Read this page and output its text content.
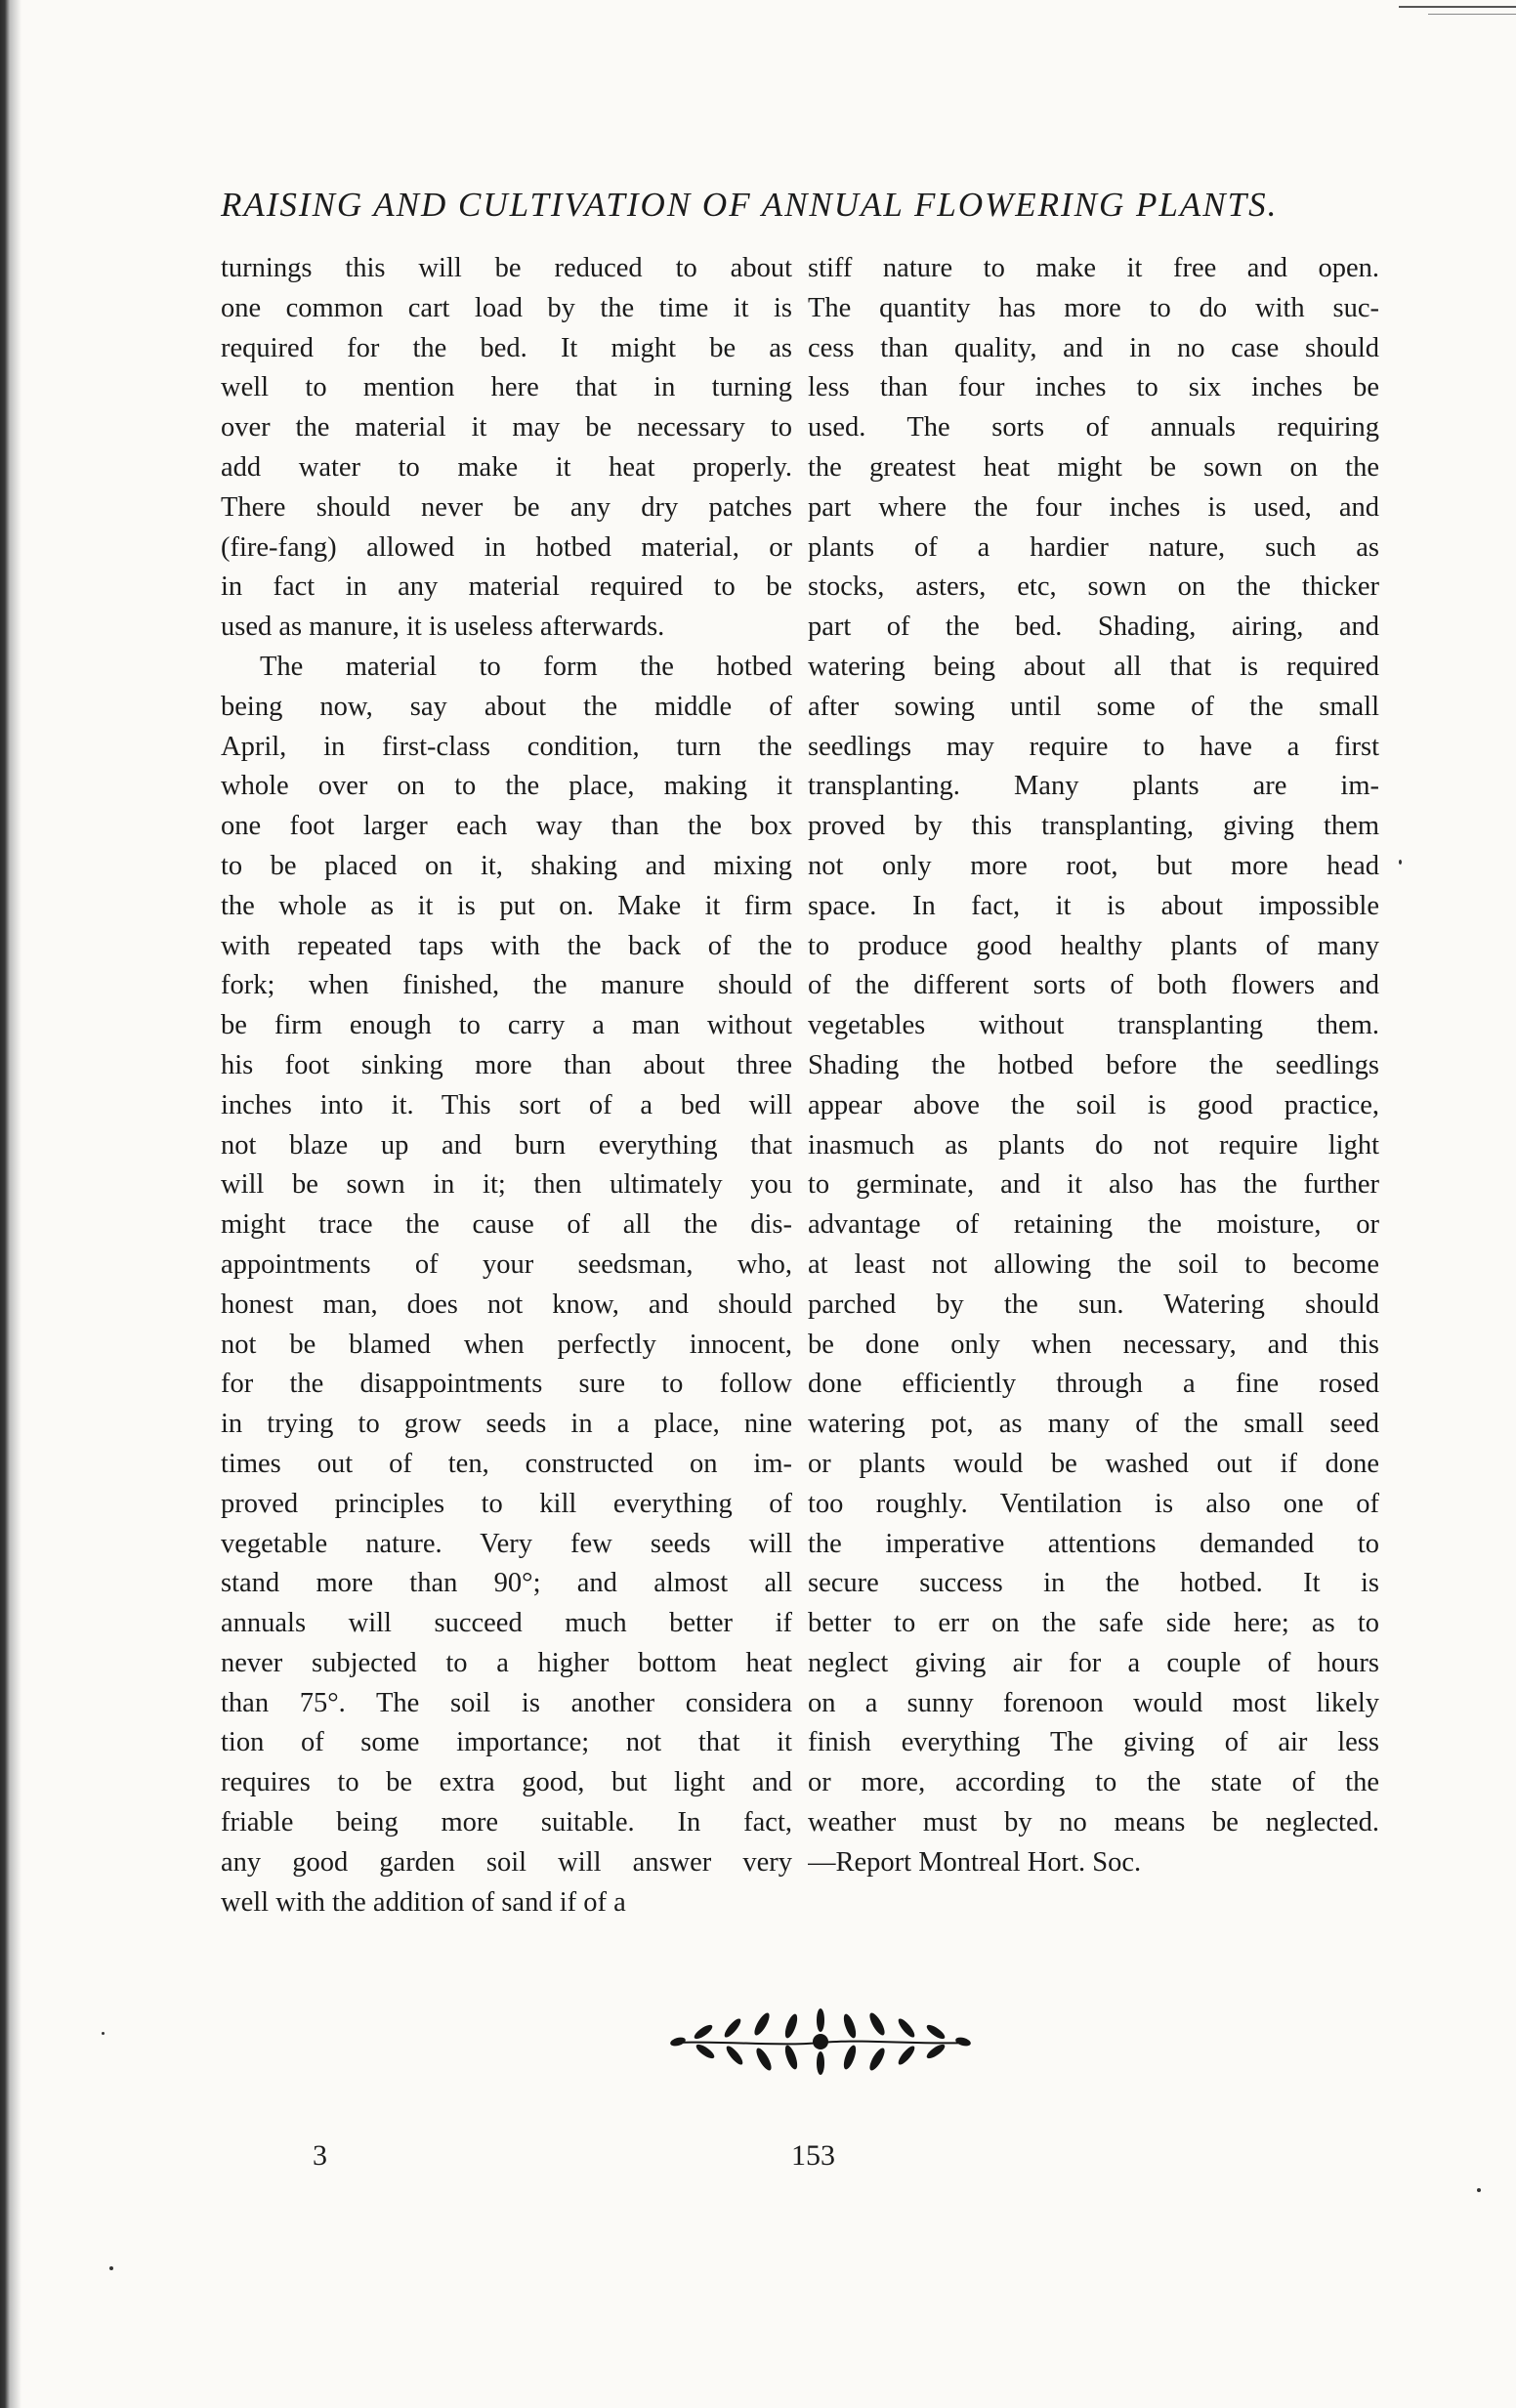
RAISING AND CULTIVATION OF ANNUAL FLOWERING PLANTS.
turnings this will be reduced to about
one common cart load by the time it is
required for the bed. It might be as
well to mention here that in turning
over the material it may be necessary to
add water to make it heat properly.
There should never be any dry patches
(fire-fang) allowed in hotbed material, or
in fact in any material required to be
used as manure, it is useless afterwards.
The material to form the hotbed
being now, say about the middle of
April, in first-class condition, turn the
whole over on to the place, making it
one foot larger each way than the box
to be placed on it, shaking and mixing
the whole as it is put on. Make it firm
with repeated taps with the back of the
fork; when finished, the manure should
be firm enough to carry a man without
his foot sinking more than about three
inches into it. This sort of a bed will
not blaze up and burn everything that
will be sown in it; then ultimately you
might trace the cause of all the dis-
appointments of your seedsman, who,
honest man, does not know, and should
not be blamed when perfectly innocent,
for the disappointments sure to follow
in trying to grow seeds in a place, nine
times out of ten, constructed on im-
proved principles to kill everything of
vegetable nature. Very few seeds will
stand more than 90°; and almost all
annuals will succeed much better if
never subjected to a higher bottom heat
than 75°. The soil is another considera
tion of some importance; not that it
requires to be extra good, but light and
friable being more suitable. In fact,
any good garden soil will answer very
well with the addition of sand if of a
stiff nature to make it free and open.
The quantity has more to do with suc-
cess than quality, and in no case should
less than four inches to six inches be
used. The sorts of annuals requiring
the greatest heat might be sown on the
part where the four inches is used, and
plants of a hardier nature, such as
stocks, asters, etc, sown on the thicker
part of the bed. Shading, airing, and
watering being about all that is required
after sowing until some of the small
seedlings may require to have a first
transplanting. Many plants are im-
proved by this transplanting, giving them
not only more root, but more head
space. In fact, it is about impossible
to produce good healthy plants of many
of the different sorts of both flowers and
vegetables without transplanting them.
Shading the hotbed before the seedlings
appear above the soil is good practice,
inasmuch as plants do not require light
to germinate, and it also has the further
advantage of retaining the moisture, or
at least not allowing the soil to become
parched by the sun. Watering should
be done only when necessary, and this
done efficiently through a fine rosed
watering pot, as many of the small seed
or plants would be washed out if done
too roughly. Ventilation is also one of
the imperative attentions demanded to
secure success in the hotbed. It is
better to err on the safe side here; as to
neglect giving air for a couple of hours
on a sunny forenoon would most likely
finish everything The giving of air less
or more, according to the state of the
weather must by no means be neglected.
—Report Montreal Hort. Soc.
3	153
